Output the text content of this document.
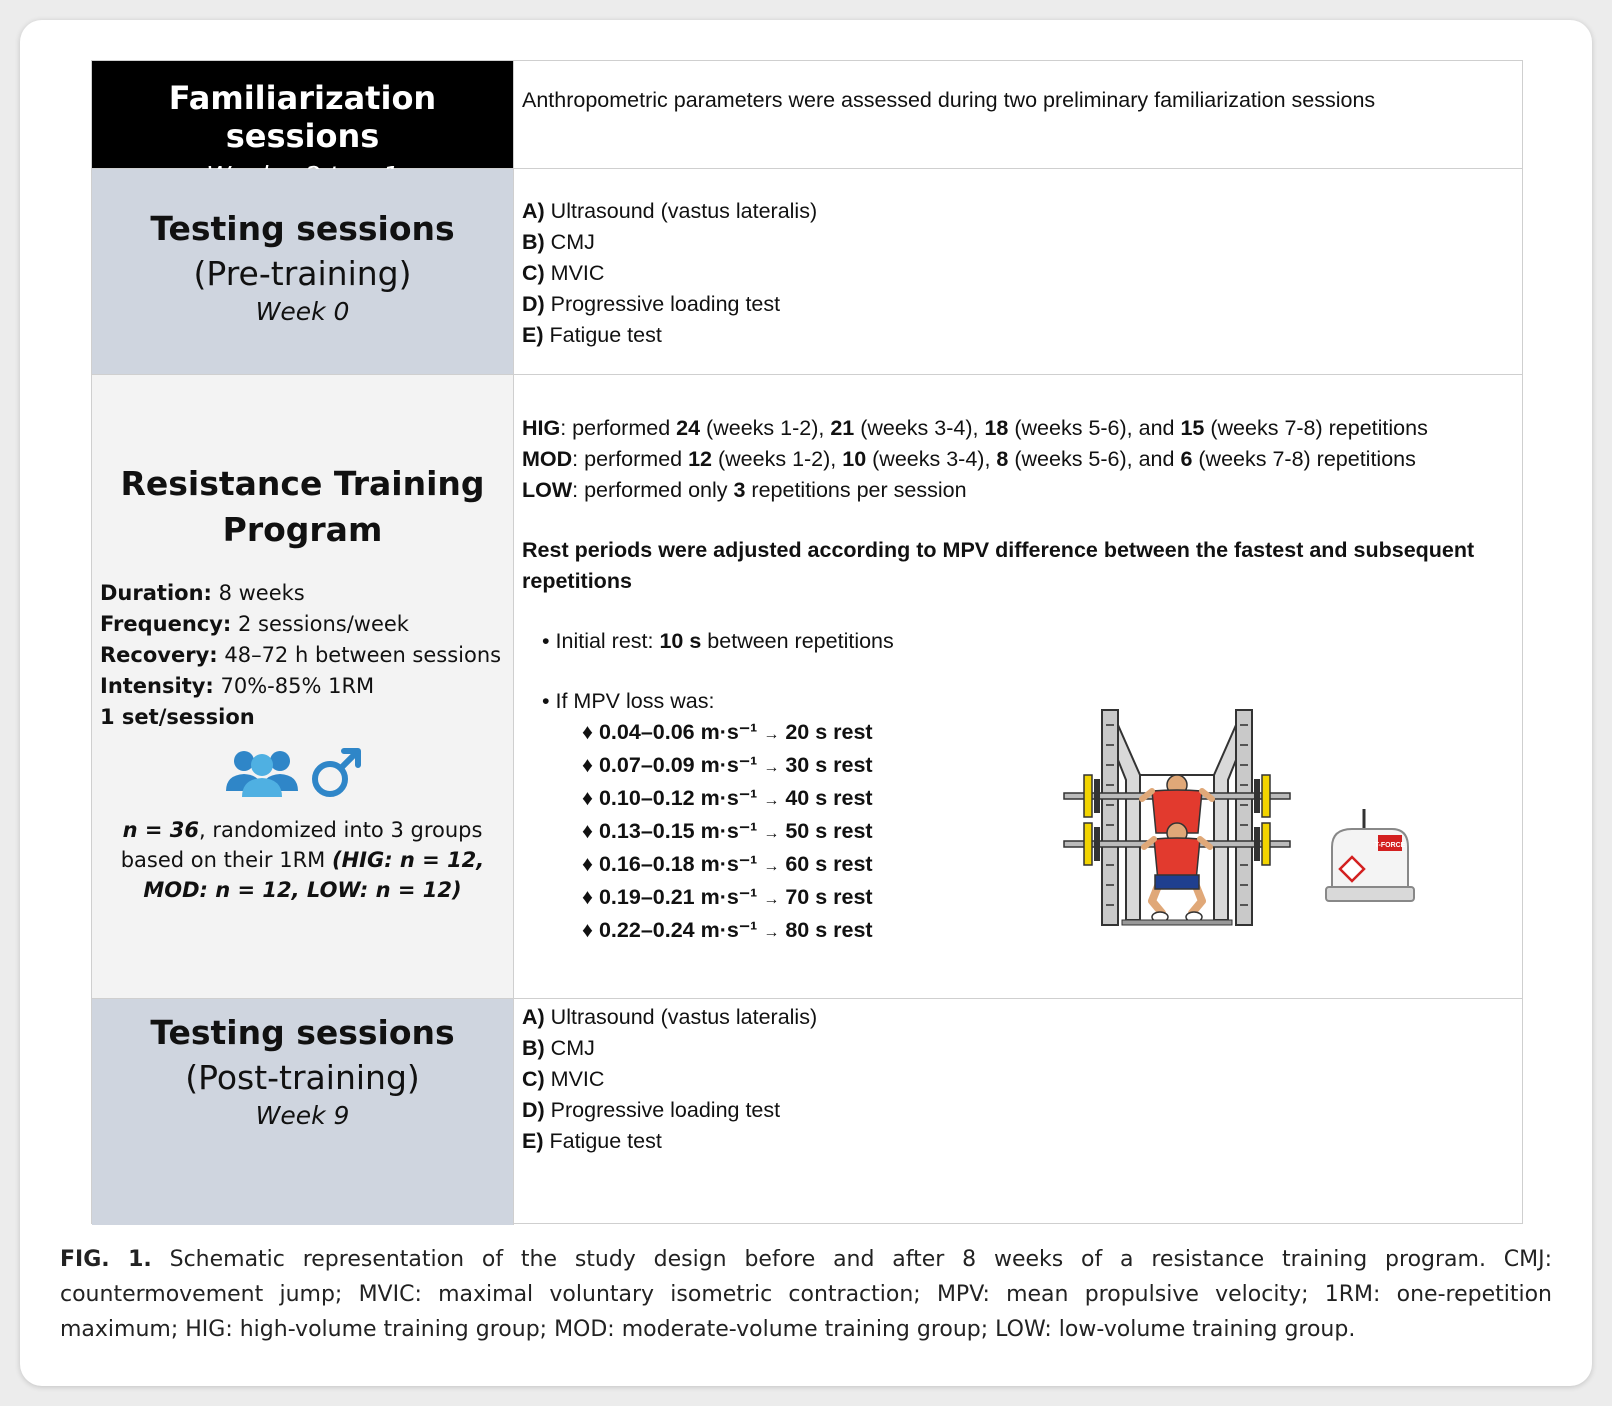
Familiarization sessions
Anthropometric parameters were assessed during two preliminary familiarization sessions
Testing sessions
(Pre-training)
Week 0
A) Ultrasound (vastus lateralis)
B) CMJ
C) MVIC
D) Progressive loading test
E) Fatigue test
Resistance Training
Program
Duration: 8 weeks
Frequency: 2 sessions/week
Recovery: 48–72 h between sessions
Intensity: 70%-85% 1RM
1 set/session
n = 36, randomized into 3 groups
based on their 1RM (HIG: n = 12,
MOD: n = 12, LOW: n = 12)
HIG: performed 24 (weeks 1-2), 21 (weeks 3-4), 18 (weeks 5-6), and 15 (weeks 7-8) repetitions
MOD: performed 12 (weeks 1-2), 10 (weeks 3-4), 8 (weeks 5-6), and 6 (weeks 7-8) repetitions
LOW: performed only 3 repetitions per session
Rest periods were adjusted according to MPV difference between the fastest and subsequent
repetitions
• Initial rest: 10 s between repetitions
• If MPV loss was:
♦ 0.04–0.06 m·s⁻¹ → 20 s rest
♦ 0.07–0.09 m·s⁻¹ → 30 s rest
♦ 0.10–0.12 m·s⁻¹ → 40 s rest
♦ 0.13–0.15 m·s⁻¹ → 50 s rest
♦ 0.16–0.18 m·s⁻¹ → 60 s rest
♦ 0.19–0.21 m·s⁻¹ → 70 s rest
♦ 0.22–0.24 m·s⁻¹ → 80 s rest
T-FORCE
Testing sessions
(Post-training)
Week 9
A) Ultrasound (vastus lateralis)
B) CMJ
C) MVIC
D) Progressive loading test
E) Fatigue test
FIG. 1. Schematic representation of the study design before and after 8 weeks of a resistance training program. CMJ: countermovement jump; MVIC: maximal voluntary isometric contraction; MPV: mean propulsive velocity; 1RM: one-repetition maximum; HIG: high-volume training group; MOD: moderate-volume training group; LOW: low-volume training group.
